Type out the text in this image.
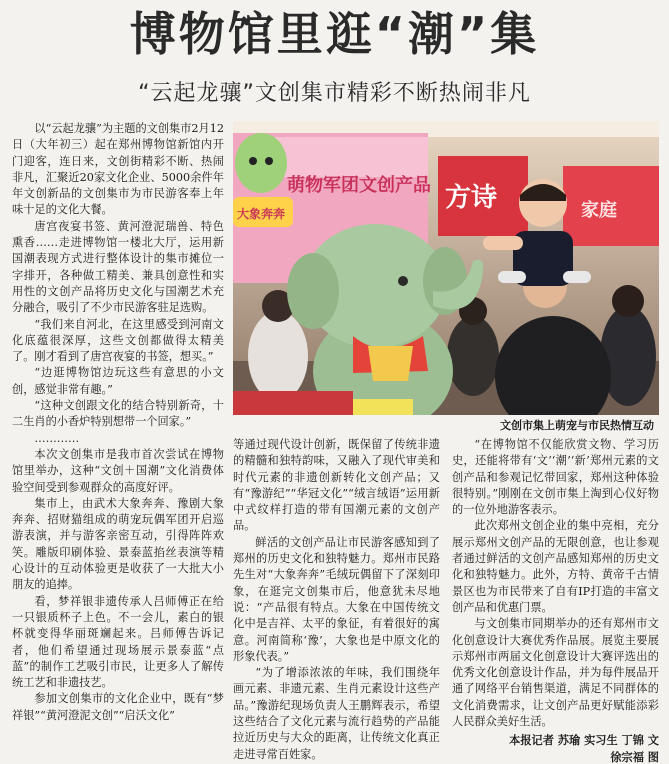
博物馆里逛“潮”集
“云起龙骧”文创集市精彩不断热闹非凡

以“云起龙骧”为主题的文创集市2月12日（大年初三）起在郑州博物馆新馆内开门迎客，连日来，文创街精彩不断、热闹非凡，汇聚近20家文化企业、5000余件年年文创新品的文创集市为市民游客奉上年味十足的文化大餐。

唐宫夜宴书签、黄河澄泥瑞兽、特色熏香……走进博物馆一楼北大厅，运用新国潮表现方式进行整体设计的集市摊位一字排开，各种做工精美、兼具创意性和实用性的文创产品将历史文化与国潮艺术充分融合，吸引了不少市民游客驻足选购。

“我们来自河北，在这里感受到河南文化底蕴很深厚，这些文创都做得太精美了。刚才看到了唐宫夜宴的书签，想买。”

“边逛博物馆边玩这些有意思的小文创，感觉非常有趣。”

“这种文创跟文化的结合特别新奇，十二生肖的小香炉特别想带一个回家。”

…………

本次文创集市是我市首次尝试在博物馆里举办，这种“文创＋国潮”文化消费体验空间受到参观群众的高度好评。

集市上，由武术大象奔奔、豫剧大象奔奔、招财猫组成的萌宠玩偶军团开启巡游表演，并与游客亲密互动，引得阵阵欢笑。雕版印刷体验、景泰蓝掐丝表演等精心设计的互动体验更是收获了一大批大小朋友的追捧。

看，梦祥银非遗传承人吕师傅正在给一只银质杯子上色。不一会儿，素白的银杯就变得华丽斑斓起来。吕师傅告诉记者，他们希望通过现场展示景泰蓝“点蓝”的制作工艺吸引市民，让更多人了解传统工艺和非遗技艺。

参加文创集市的文化企业中，既有“梦祥银”“黄河澄泥文创”“启沃文化”

萌物军团文创产品
大象奔奔
方诗	家庭
文创市集上萌宠与市民热情互动

等通过现代设计创新，既保留了传统非遗的精髓和独特韵味，又融入了现代审美和时代元素的非遗创新转化文创产品；又有“豫游纪”“华冠文化”“绒言绒语”运用新中式纹样打造的带有国潮元素的文创产品。

鲜活的文创产品让市民游客感知到了郑州的历史文化和独特魅力。郑州市民路先生对“大象奔奔”毛绒玩偶留下了深刻印象，在逛完文创集市后，他意犹未尽地说：“产品很有特点。大象在中国传统文化中是吉祥、太平的象征，有着很好的寓意。河南简称‘豫’，大象也是中原文化的形象代表。”

“为了增添浓浓的年味，我们围绕年画元素、非遗元素、生肖元素设计这些产品。”豫游纪现场负责人王鹏辉表示，希望这些结合了文化元素与流行趋势的产品能拉近历史与大众的距离，让传统文化真正走进寻常百姓家。

“在博物馆不仅能欣赏文物、学习历史，还能将带有‘文’‘潮’‘新’郑州元素的文创产品和参观记忆带回家，郑州这种体验很特别。”刚刚在文创市集上淘到心仪好物的一位外地游客表示。

此次郑州文创企业的集中亮相，充分展示郑州文创产品的无限创意，也让参观者通过鲜活的文创产品感知郑州的历史文化和独特魅力。此外，方特、黄帝千古情景区也为市民带来了自有IP打造的丰富文创产品和优惠门票。

与文创集市同期举办的还有郑州市文化创意设计大赛优秀作品展。展览主要展示郑州市两届文化创意设计大赛评选出的优秀文化创意设计作品，并为每件展品开通了网络平台销售渠道，满足不同群体的文化消费需求，让文创产品更好赋能添彩人民群众美好生活。

本报记者 苏瑜 实习生 丁锦 文
徐宗福 图
